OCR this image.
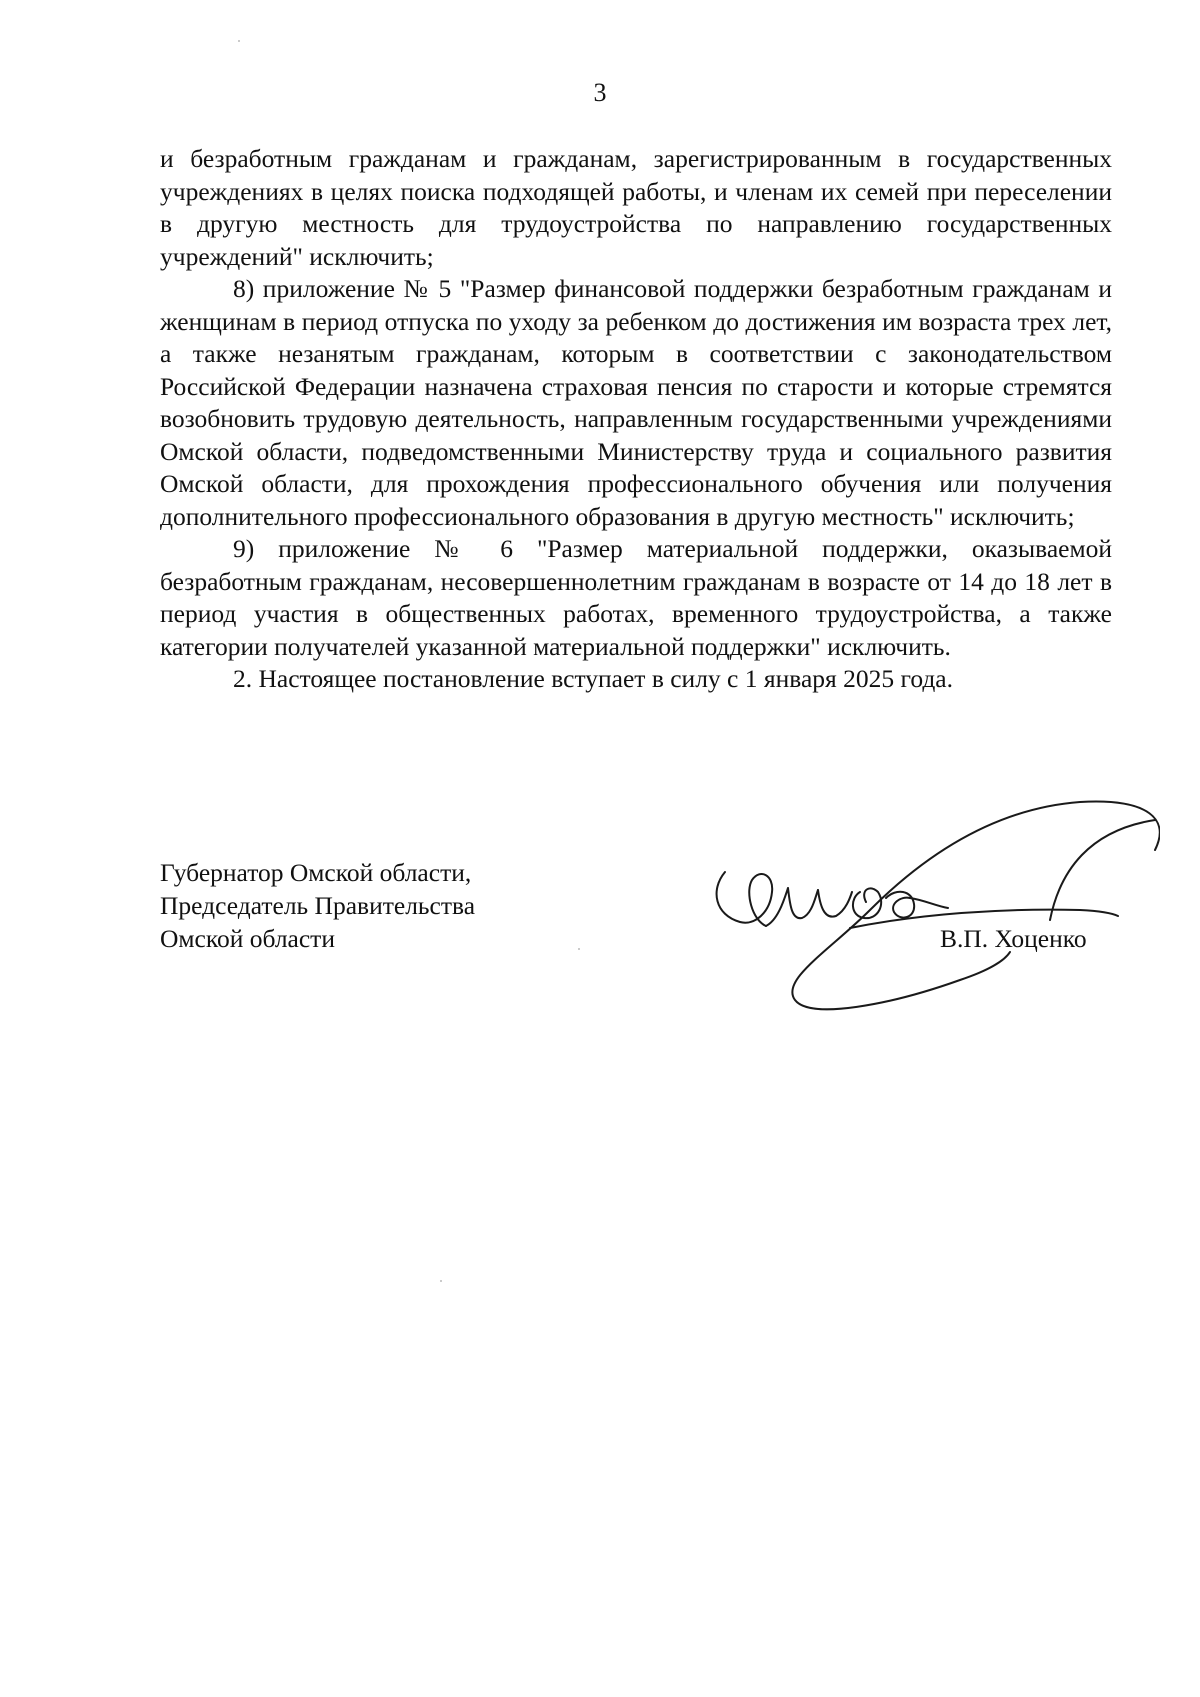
3

и безработным гражданам и гражданам, зарегистрированным в государственных учреждениях в целях поиска подходящей работы, и членам их семей при переселении в другую местность для трудоустройства по направлению государственных учреждений" исключить;

8) приложение № 5 "Размер финансовой поддержки безработным гражданам и женщинам в период отпуска по уходу за ребенком до достижения им возраста трех лет, а также незанятым гражданам, которым в соответствии с законодательством Российской Федерации назначена страховая пенсия по старости и которые стремятся возобновить трудовую деятельность, направленным государственными учреждениями Омской области, подведомственными Министерству труда и социального развития Омской области, для прохождения профессионального обучения или получения дополнительного профессионального образования в другую местность" исключить;

9) приложение № 6 "Размер материальной поддержки, оказываемой безработным гражданам, несовершеннолетним гражданам в возрасте от 14 до 18 лет в период участия в общественных работах, временного трудоустройства, а также категории получателей указанной материальной поддержки" исключить.

2. Настоящее постановление вступает в силу с 1 января 2025 года.

Губернатор Омской области,
Председатель Правительства
Омской области	В.П. Хоценко
